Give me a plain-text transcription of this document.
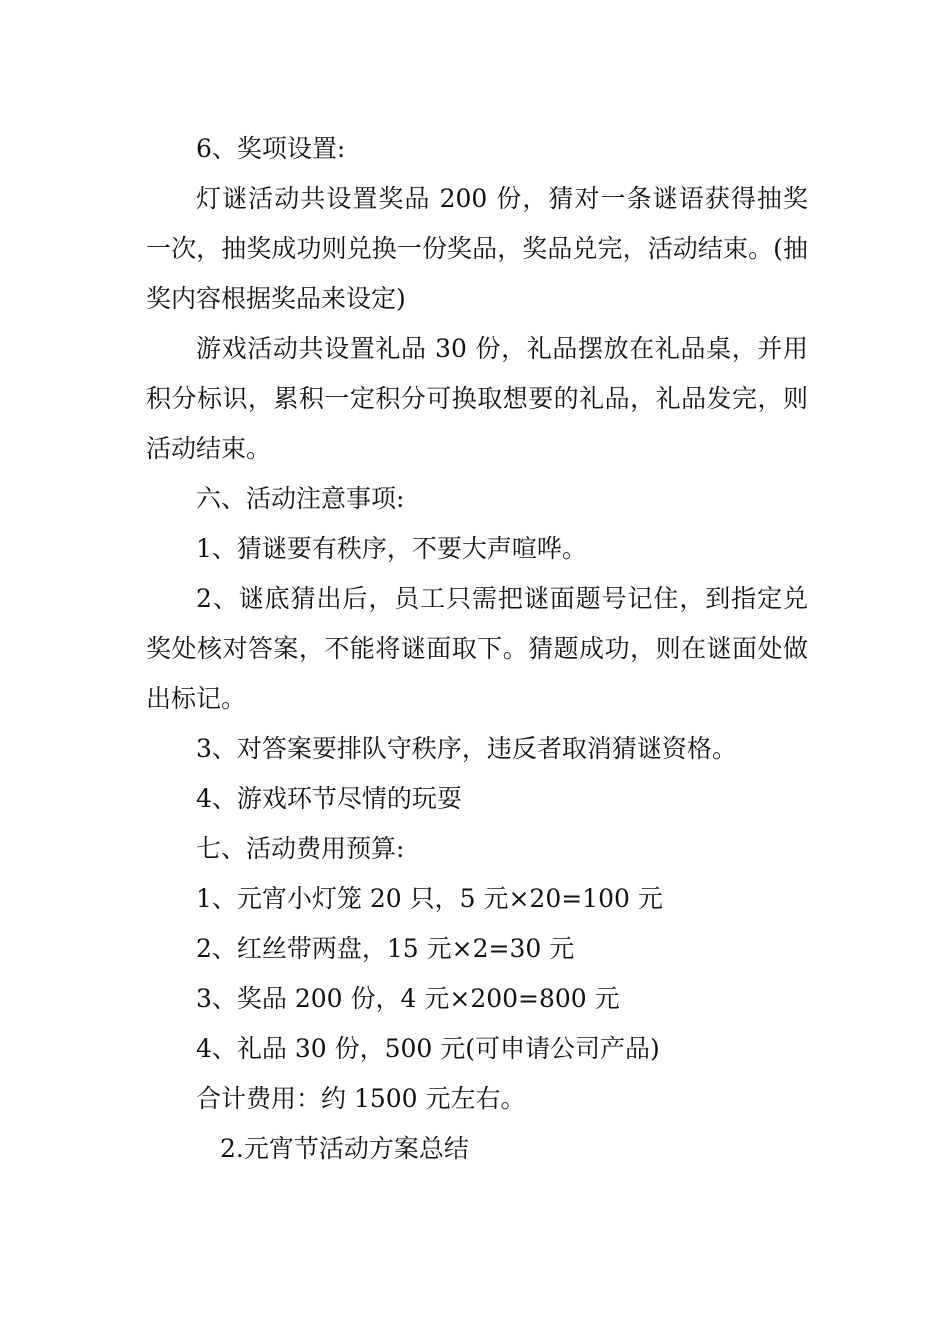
6、奖项设置:

灯谜活动共设置奖品 200 份，猜对一条谜语获得抽奖一次，抽奖成功则兑换一份奖品，奖品兑完，活动结束。(抽奖内容根据奖品来设定)

游戏活动共设置礼品 30 份，礼品摆放在礼品桌，并用积分标识，累积一定积分可换取想要的礼品，礼品发完，则活动结束。

六、活动注意事项:

1、猜谜要有秩序，不要大声喧哗。

2、谜底猜出后，员工只需把谜面题号记住，到指定兑奖处核对答案，不能将谜面取下。猜题成功，则在谜面处做出标记。

3、对答案要排队守秩序，违反者取消猜谜资格。

4、游戏环节尽情的玩耍

七、活动费用预算:

1、元宵小灯笼 20 只，5 元×20=100 元

2、红丝带两盘，15 元×2=30 元

3、奖品 200 份，4 元×200=800 元

4、礼品 30 份，500 元(可申请公司产品)

合计费用：约 1500 元左右。

2.元宵节活动方案总结
